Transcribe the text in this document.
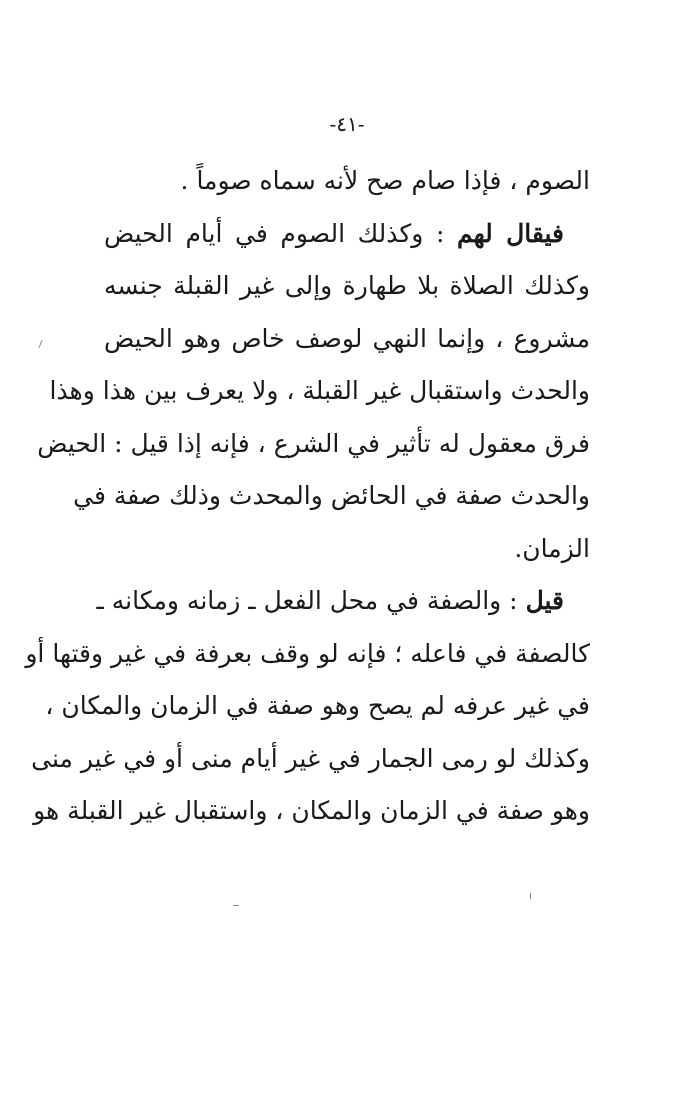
-٤١-
الصوم ، فإذا صام صح لأنه سماه صوماً .
فيقال لهم : وكذلك الصوم في أيام الحيض
وكذلك الصلاة بلا طهارة وإلى غير القبلة جنسه
مشروع ، وإنما النهي لوصف خاص وهو الحيض
والحدث واستقبال غير القبلة ، ولا يعرف بين هذا وهذا
فرق معقول له تأثير في الشرع ، فإنه إذا قيل : الحيض
والحدث صفة في الحائض والمحدث وذلك صفة في
الزمان.
قيل : والصفة في محل الفعل ـ زمانه ومكانه ـ
كالصفة في فاعله ؛ فإنه لو وقف بعرفة في غير وقتها أو
في غير عرفه لم يصح وهو صفة في الزمان والمكان ،
وكذلك لو رمى الجمار في غير أيام منى أو في غير منى
وهو صفة في الزمان والمكان ، واستقبال غير القبلة هو
